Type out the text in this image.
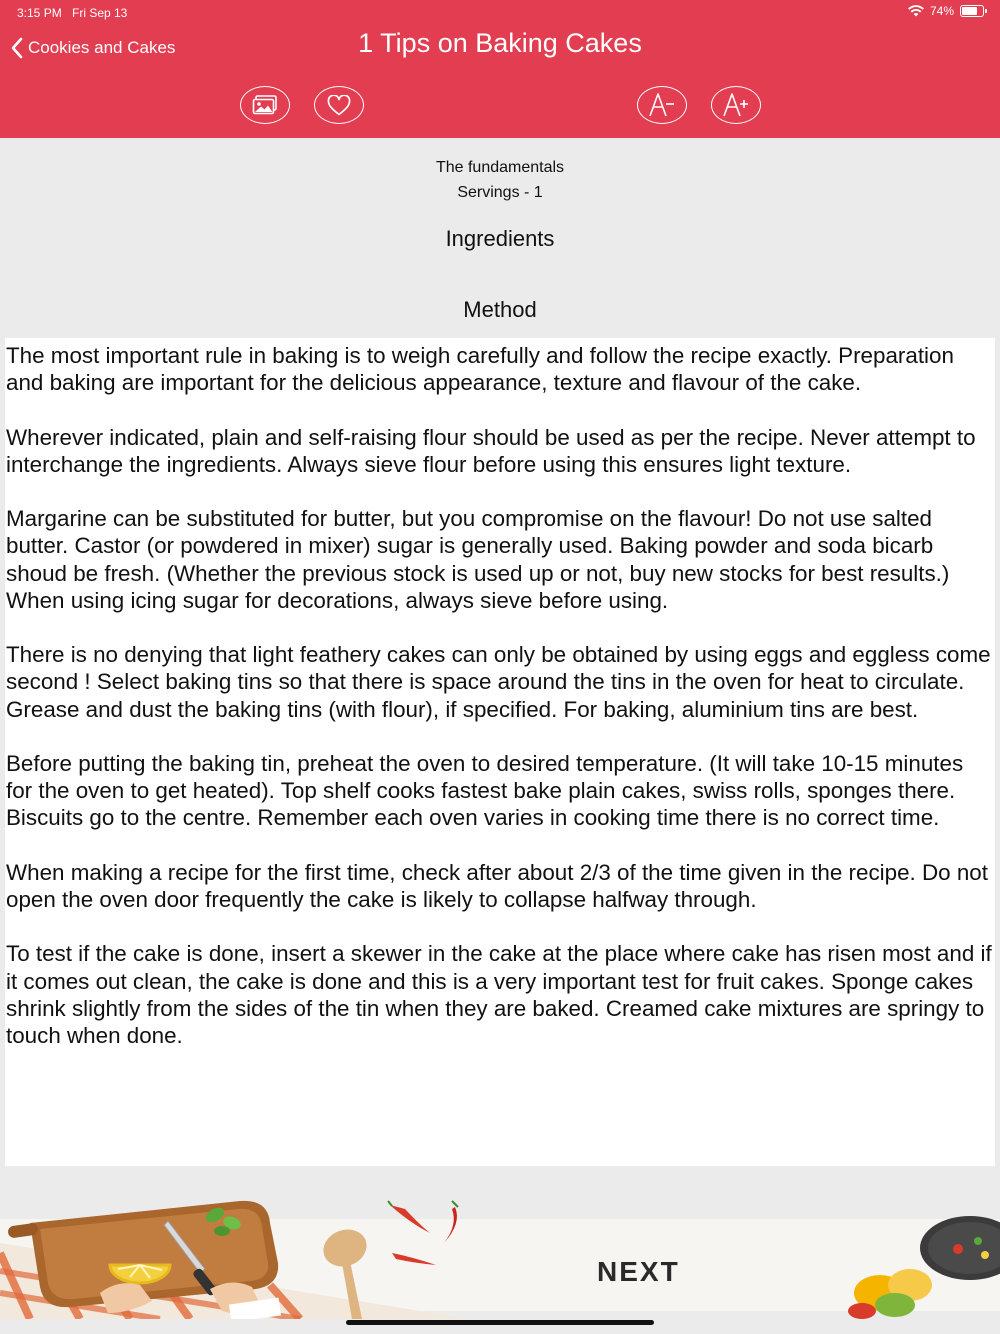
3:15 PM Fri Sep 13	74%
Cookies and Cakes	1 Tips on Baking Cakes
The fundamentals
Servings - 1
Ingredients
Method

The most important rule in baking is to weigh carefully and follow the recipe exactly. Preparation and baking are important for the delicious appearance, texture and flavour of the cake.

Wherever indicated, plain and self-raising flour should be used as per the recipe. Never attempt to interchange the ingredients. Always sieve flour before using this ensures light texture.

Margarine can be substituted for butter, but you compromise on the flavour! Do not use salted butter. Castor (or powdered in mixer) sugar is generally used. Baking powder and soda bicarb shoud be fresh. (Whether the previous stock is used up or not, buy new stocks for best results.) When using icing sugar for decorations, always sieve before using.

There is no denying that light feathery cakes can only be obtained by using eggs and eggless come second ! Select baking tins so that there is space around the tins in the oven for heat to circulate. Grease and dust the baking tins (with flour), if specified. For baking, aluminium tins are best.

Before putting the baking tin, preheat the oven to desired temperature. (It will take 10-15 minutes for the oven to get heated). Top shelf cooks fastest bake plain cakes, swiss rolls, sponges there. Biscuits go to the centre. Remember each oven varies in cooking time there is no correct time.

When making a recipe for the first time, check after about 2/3 of the time given in the recipe. Do not open the oven door frequently the cake is likely to collapse halfway through.

To test if the cake is done, insert a skewer in the cake at the place where cake has risen most and if it comes out clean, the cake is done and this is a very important test for fruit cakes. Sponge cakes shrink slightly from the sides of the tin when they are baked. Creamed cake mixtures are springy to touch when done.

NEXT
